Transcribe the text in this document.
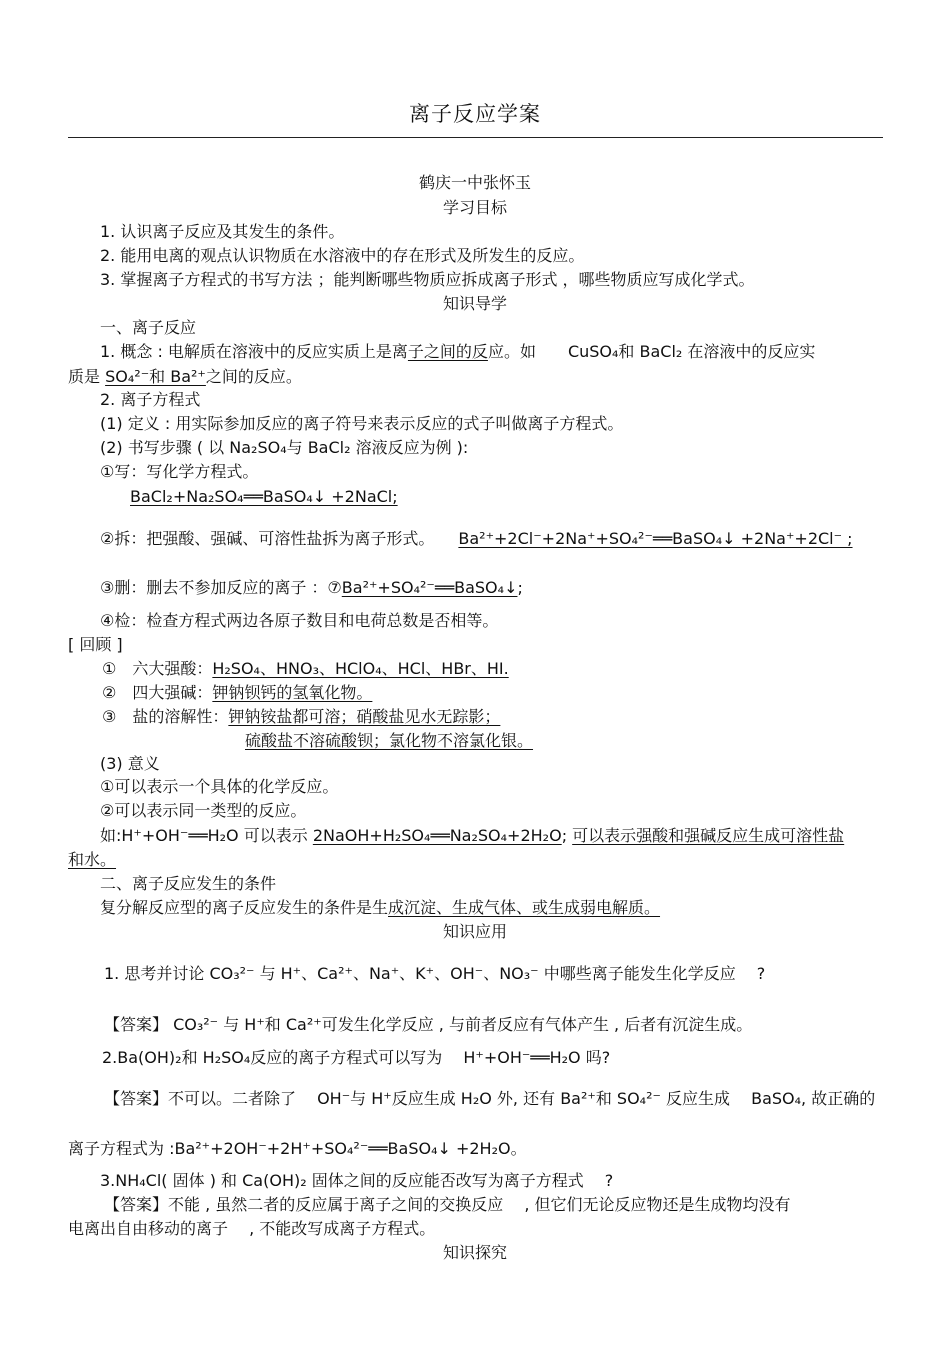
离子反应学案
鹤庆一中张怀玉
学习目标
1. 认识离子反应及其发生的条件。
2. 能用电离的观点认识物质在水溶液中的存在形式及所发生的反应。
3. 掌握离子方程式的书写方法 ；能判断哪些物质应拆成离子形式 ，哪些物质应写成化学式。
知识导学
一、离子反应
1. 概念 : 电解质在溶液中的反应实质上是离子之间的反应。如　　CuSO₄和 BaCl₂ 在溶液中的反应实
质是 SO₄²⁻和 Ba²⁺之间的反应。
2. 离子方程式
(1) 定义 : 用实际参加反应的离子符号来表示反应的式子叫做离子方程式。
(2) 书写步骤 ( 以 Na₂SO₄与 BaCl₂ 溶液反应为例 ):
①写：写化学方程式。
BaCl₂+Na₂SO₄══BaSO₄↓ +2NaCl;
②拆：把强酸、强碱、可溶性盐拆为离子形式。　　 Ba²⁺+2Cl⁻+2Na⁺+SO₄²⁻══BaSO₄↓ +2Na⁺+2Cl⁻ ;
③删：删去不参加反应的离子 ：⑦Ba²⁺+SO₄²⁻══BaSO₄↓;
④检：检查方程式两边各原子数目和电荷总数是否相等。
[ 回顾 ]
①　六大强酸：H₂SO₄、HNO₃、HClO₄、HCl、HBr、HI.
②　四大强碱：钾钠钡钙的氢氧化物。
③　盐的溶解性：钾钠铵盐都可溶；硝酸盐见水无踪影；
硫酸盐不溶硫酸钡；氯化物不溶氯化银。
(3) 意义
①可以表示一个具体的化学反应。
②可以表示同一类型的反应。
如:H⁺+OH⁻══H₂O 可以表示 2NaOH+H₂SO₄══Na₂SO₄+2H₂O; 可以表示强酸和强碱反应生成可溶性盐
和水。
二、离子反应发生的条件
复分解反应型的离子反应发生的条件是生成沉淀、生成气体、或生成弱电解质。
知识应用
1. 思考并讨论 CO₃²⁻ 与 H⁺、Ca²⁺、Na⁺、K⁺、OH⁻、NO₃⁻ 中哪些离子能发生化学反应 　?
【答案】 CO₃²⁻ 与 H⁺和 Ca²⁺可发生化学反应 , 与前者反应有气体产生 , 后者有沉淀生成。
2.Ba(OH)₂和 H₂SO₄反应的离子方程式可以写为 　H⁺+OH⁻══H₂O 吗?
【答案】不可以。二者除了 　OH⁻与 H⁺反应生成 H₂O 外, 还有 Ba²⁺和 SO₄²⁻ 反应生成 　BaSO₄, 故正确的
离子方程式为 :Ba²⁺+2OH⁻+2H⁺+SO₄²⁻══BaSO₄↓ +2H₂O。
3.NH₄Cl( 固体 ) 和 Ca(OH)₂ 固体之间的反应能否改写为离子方程式 　?
【答案】不能 , 虽然二者的反应属于离子之间的交换反应 　, 但它们无论反应物还是生成物均没有
电离出自由移动的离子 　, 不能改写成离子方程式。
知识探究
